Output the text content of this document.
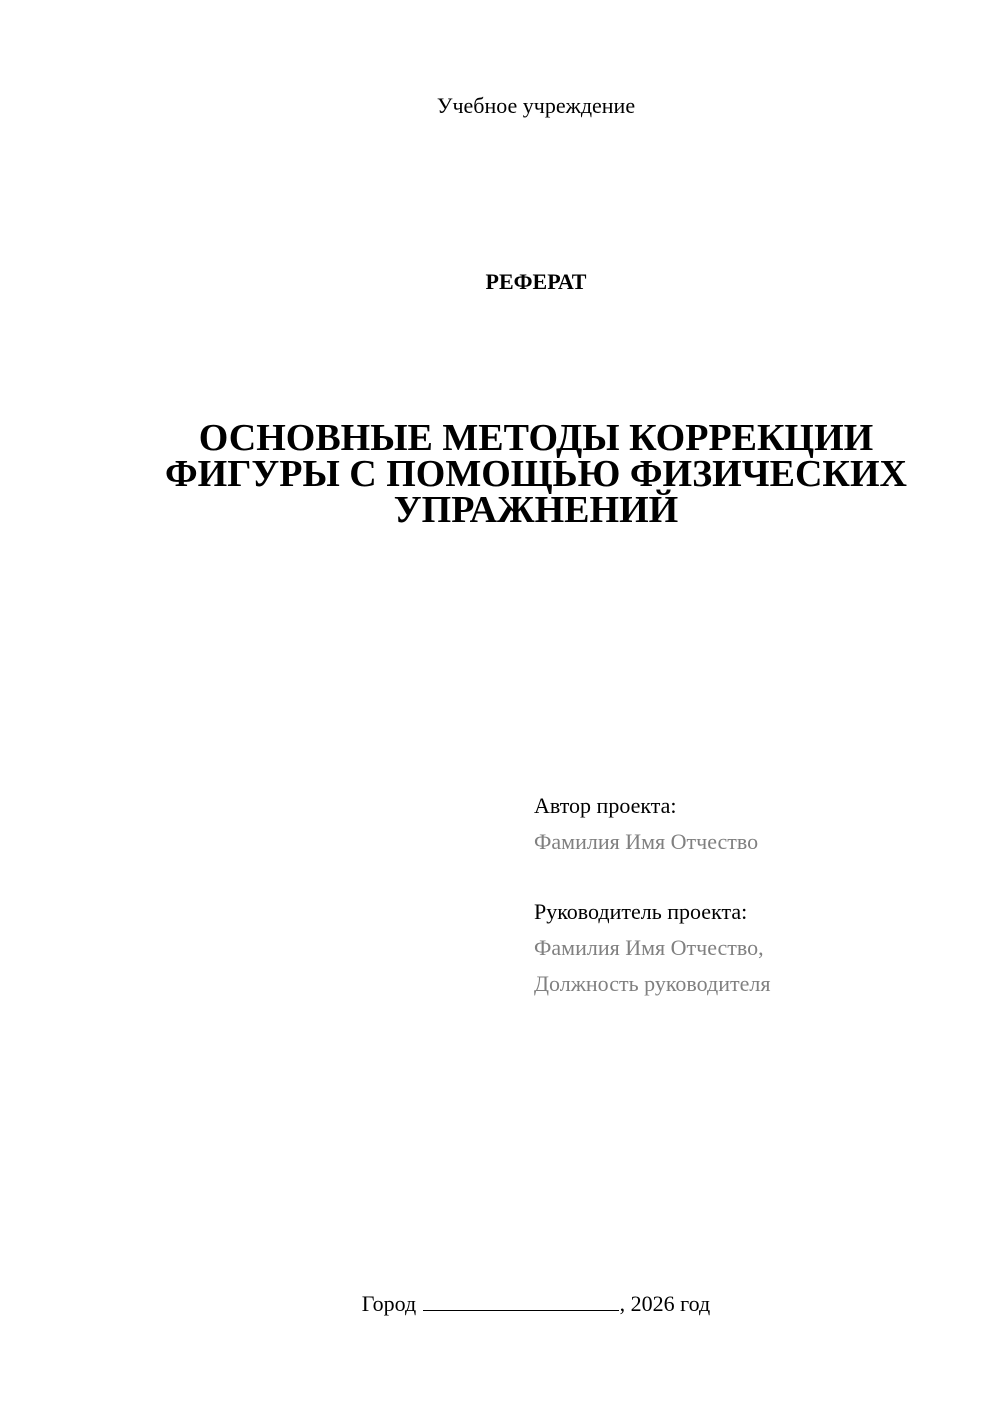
Учебное учреждение
РЕФЕРАТ
ОСНОВНЫЕ МЕТОДЫ КОРРЕКЦИИ
ФИГУРЫ С ПОМОЩЬЮ ФИЗИЧЕСКИХ
УПРАЖНЕНИЙ
Автор проекта:
Фамилия Имя Отчество
Руководитель проекта:
Фамилия Имя Отчество,
Должность руководителя
Город	, 2026 год
